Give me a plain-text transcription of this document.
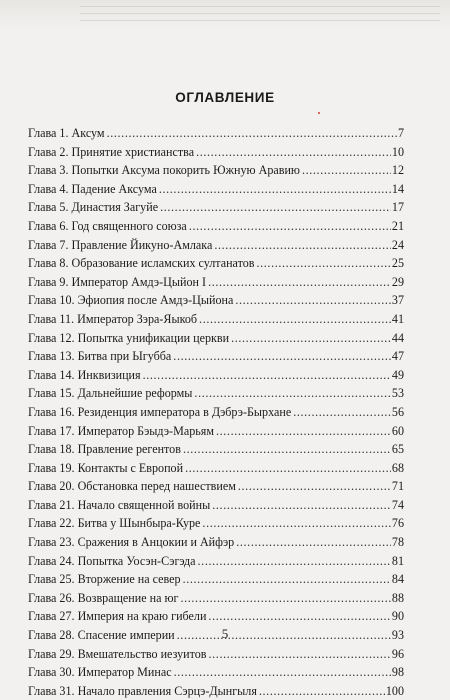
ОГЛАВЛЕНИЕ
Глава 1. Аксум . . .	7
Глава 2. Принятие христианства . . .	10
Глава 3. Попытки Аксума покорить Южную Аравию . . .	12
Глава 4. Падение Аксума . . .	14
Глава 5. Династия Загуйе . . .	17
Глава 6. Год священного союза . . .	21
Глава 7. Правление Йикуно-Амлака . . .	24
Глава 8. Образование исламских султанатов . . .	25
Глава 9. Император Амдэ-Цыйон I . . .	29
Глава 10. Эфиопия после Амдэ-Цыйона . . .	37
Глава 11. Император Зэра-Яыкоб . . .	41
Глава 12. Попытка унификации церкви . . .	44
Глава 13. Битва при Ыгубба . . .	47
Глава 14. Инквизиция . . .	49
Глава 15. Дальнейшие реформы . . .	53
Глава 16. Резиденция императора в Дэбрэ-Бырхане . . .	56
Глава 17. Император Бэыдэ-Марьям . . .	60
Глава 18. Правление регентов . . .	65
Глава 19. Контакты с Европой . . .	68
Глава 20. Обстановка перед нашествием . . .	71
Глава 21. Начало священной войны . . .	74
Глава 22. Битва у Шынбыра-Куре . . .	76
Глава 23. Сражения в Анцокии и Айфэр . . .	78
Глава 24. Попытка Уосэн-Сэгэда . . .	81
Глава 25. Вторжение на север . . .	84
Глава 26. Возвращение на юг . . .	88
Глава 27. Империя на краю гибели . . .	90
Глава 28. Спасение империи . . .	93
Глава 29. Вмешательство иезуитов . . .	96
Глава 30. Император Минас . . .	98
Глава 31. Начало правления Сэрцэ-Дынгыля . . .	100
5
